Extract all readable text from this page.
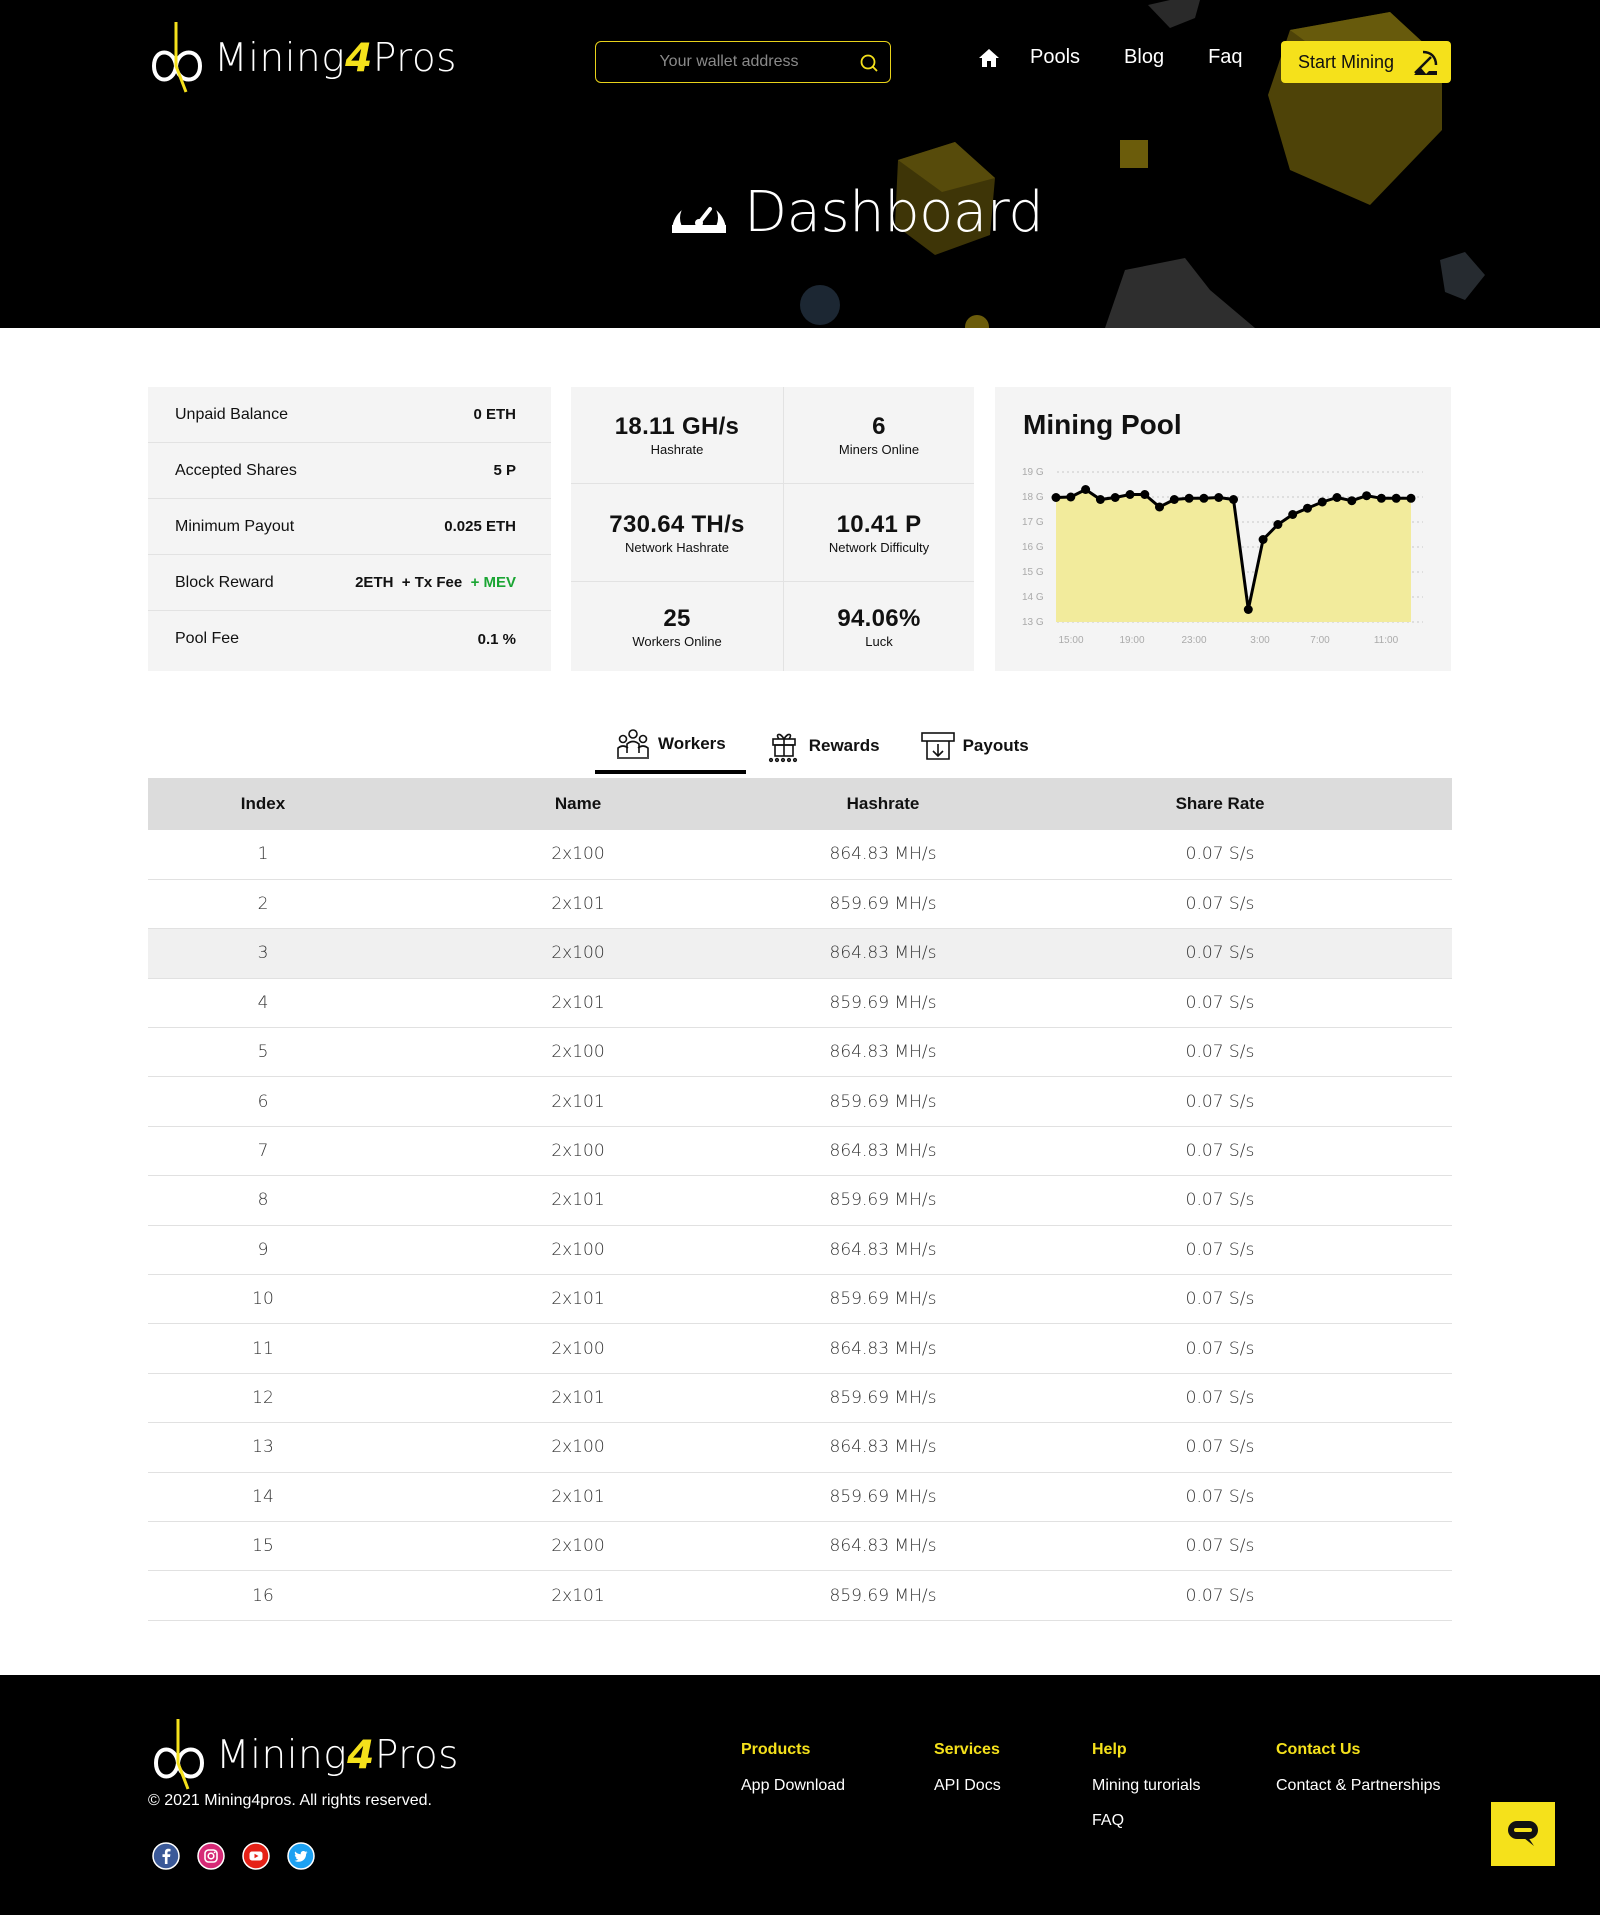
Mining4Pros
Your wallet address	Pools Blog Faq	Start Mining
Dashboard
Unpaid Balance	0 ETH
Accepted Shares	5 P
Minimum Payout	0.025 ETH
Block Reward	2ETH  + Tx Fee + MEV
Pool Fee	0.1 %
18.11 GH/s
Hashrate
6
Miners Online
730.64 TH/s
Network Hashrate
10.41 P
Network Difficulty
25
Workers Online
94.06%
Luck
Mining Pool
19 G
18 G
17 G
16 G
15 G
14 G
13 G
15:00	19:00	23:00	3:00	7:00	11:00
Workers	Rewards	Payouts
Index	Name	Hashrate	Share Rate
1	2x100	864.83 MH/s	0.07 S/s
2	2x101	859.69 MH/s	0.07 S/s
3	2x100	864.83 MH/s	0.07 S/s
4	2x101	859.69 MH/s	0.07 S/s
5	2x100	864.83 MH/s	0.07 S/s
6	2x101	859.69 MH/s	0.07 S/s
7	2x100	864.83 MH/s	0.07 S/s
8	2x101	859.69 MH/s	0.07 S/s
9	2x100	864.83 MH/s	0.07 S/s
10	2x101	859.69 MH/s	0.07 S/s
11	2x100	864.83 MH/s	0.07 S/s
12	2x101	859.69 MH/s	0.07 S/s
13	2x100	864.83 MH/s	0.07 S/s
14	2x101	859.69 MH/s	0.07 S/s
15	2x100	864.83 MH/s	0.07 S/s
16	2x101	859.69 MH/s	0.07 S/s
Mining4Pros
© 2021 Mining4pros. All rights reserved.
Products
App Download
Services
API Docs
Help
Mining turorials
FAQ
Contact Us
Contact & Partnerships
